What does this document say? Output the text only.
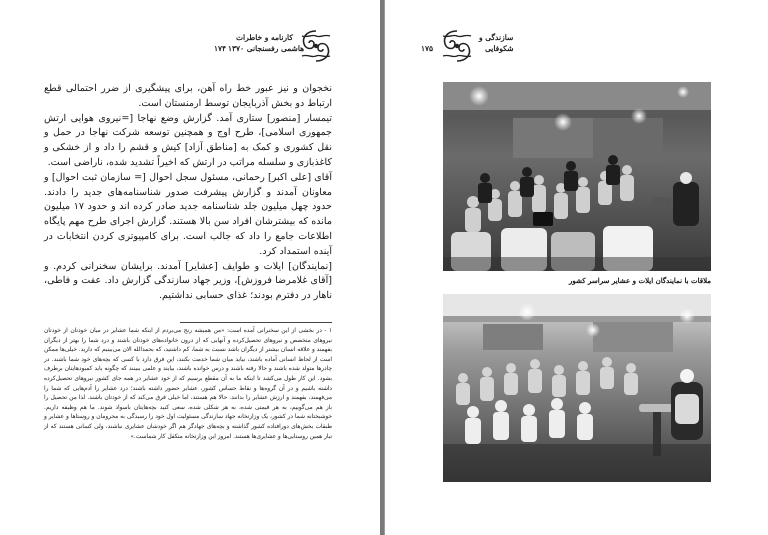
کارنامه و خاطرات
هاشمی رفسنجانی ۱۳۷۰
۱۷۴

نخجوان و نیز عبور خط راه آهن، برای پیشگیری از ضرر احتمالی قطع ارتباط دو بخش آذربایجان توسط ارمنستان است.

تیمسار [منصور] ستاری آمد. گزارش وضع نهاجا [=نیروی هوایی ارتش جمهوری اسلامی]، طرح اوج و همچنین توسعه شرکت نهاجا در حمل و نقل کشوری و کمک به [مناطق آزاد] کیش و قشم را داد و از خشکی و کاغذبازی و سلسله مراتب در ارتش که اخیراً تشدید شده، ناراضی است.

آقای [علی اکبر] رحمانی، مسئول سجل احوال [= سازمان ثبت احوال] و معاونان آمدند و گزارش پیشرفت صدور شناسنامه‌های جدید را دادند. حدود چهل میلیون جلد شناسنامه جدید صادر کرده اند و حدود ۱۷ میلیون مانده که بیشترشان افراد سن بالا هستند. گزارش اجرای طرح مهم پایگاه اطلاعات جامع را داد که جالب است. برای کامپیوتری کردن انتخابات در آینده استمداد کرد.

[نمایندگان] ایلات و طوایف [عشایر] آمدند. برایشان سخنرانی کردم. و [آقای غلامرضا فروزش]، وزیر جهاد سازندگی گزارش داد. عفت و فاطی، ناهار در دفترم بودند؛ غذای حسابی نداشتیم.

۱ - در بخشی از این سخنرانی آمده است: «من همیشه رنج می‌بردم از اینکه شما عشایر در میان خودتان از خودتان نیروهای متخصص و نیروهای تحصیل‌کرده و آنهایی که از درون خانواده‌های خودتان باشند و درد شما را بهتر از دیگران بفهمند و علاقه انسان بیشتر از دیگران باشد نسبت به شما، کم داشتید، که بحمدالله الان می‌بینیم که دارید. خیلی‌ها ممکن است از لحاظ انسانی آماده باشند، نیاید میان شما خدمت بکنند، این فرق دارد با کسی که بچه‌های خود شما باشند. در چادرها متولد شده باشند و حالا رفته باشند و درس خوانده باشند، بیایند و علمی ببینند که چگونه باید کمبودهایتان برطرف بشود. این کار طول می‌کشد تا اینکه ما به آن مقطع برسیم که از خود عشایر در همه جای کشور نیروهای تحصیل‌کرده داشته باشیم و در آن گروه‌ها و نقاط حساس کشور، عشایر حضور داشته باشند؛ درد عشایر را آدم‌هایی که شما را می‌فهمند، بفهمند و ارزش عشایر را بدانند. حالا هم هستند، اما خیلی فرق می‌کند که از خودتان باشند. لذا من تحصیل را باز هم می‌گوییم، به هر قیمتی شده، به هر شکلی شده، سعی کنید بچه‌هایتان باسواد شوند. ما هم وظیفه داریم. خوشبختانه شما در کشور، یک وزارتخانه جهاد سازندگی مسئولیت اول خود را رسیدگی به محرومان و روستاها و عشایر و طبقات بخش‌های دورافتاده کشور گذاشته و بچه‌های جهادگر هم اگر خودشان عشایری نباشند، ولی کسانی هستند که از تبار همین روستایی‌ها و عشایری‌ها هستند. امروز این وزارتخانه متکفل کار شماست.»
سازندگی و
شکوفایی
۱۷۵
ملاقات با نمایندگان ایلات و عشایر سراسر کشور
